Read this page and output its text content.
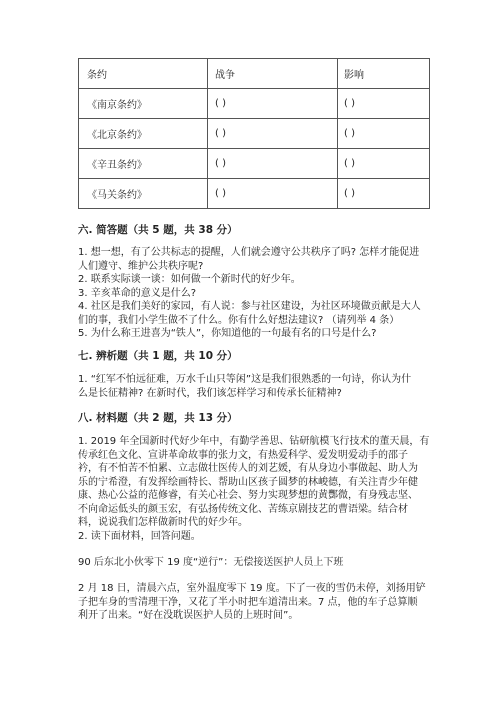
条约	战争	影响
《南京条约》	( )	( )
《北京条约》	( )	( )
《辛丑条约》	( )	( )
《马关条约》	( )	( )
六. 简答题（共 5 题，共 38 分）

1. 想一想，有了公共标志的提醒，人们就会遵守公共秩序了吗? 怎样才能促进

人们遵守、维护公共秩序呢?

2. 联系实际谈一谈：如何做一个新时代的好少年。

3. 辛亥革命的意义是什么?

4. 社区是我们美好的家园，有人说：参与社区建设，为社区环境做贡献是大人

们的事，我们小学生做不了什么。你有什么好想法建议? （请列举 4 条）

5. 为什么称王进喜为“铁人”，你知道他的一句最有名的口号是什么?

七. 辨析题（共 1 题，共 10 分）

1. “红军不怕远征难，万水千山只等闲”这是我们很熟悉的一句诗，你认为什

么是长征精神? 在新时代，我们该怎样学习和传承长征精神?

八. 材料题（共 2 题，共 13 分）

1. 2019 年全国新时代好少年中，有勤学善思、钻研航模飞行技术的董天晨，有

传承红色文化、宣讲革命故事的张力文，有热爱科学、爱发明爱动手的邵子

衿，有不怕苦不怕累、立志做壮医传人的刘艺媛，有从身边小事做起、助人为

乐的宁希澄，有发挥绘画特长、帮助山区孩子圆梦的林峻德，有关注青少年健

康、热心公益的范修睿，有关心社会、努力实现梦想的黄酆微，有身残志坚、

不向命运低头的颜玉宏，有弘扬传统文化、苦练京剧技艺的曹语梁。结合材

料，说说我们怎样做新时代的好少年。

2. 读下面材料，回答问题。

90 后东北小伙零下 19 度“逆行”：无偿接送医护人员上下班

2 月 18 日，清晨六点，室外温度零下 19 度。下了一夜的雪仍未停，刘扬用铲

子把车身的雪清理干净，又花了半小时把车道清出来。7 点，他的车子总算顺

利开了出来。“好在没耽误医护人员的上班时间”。
